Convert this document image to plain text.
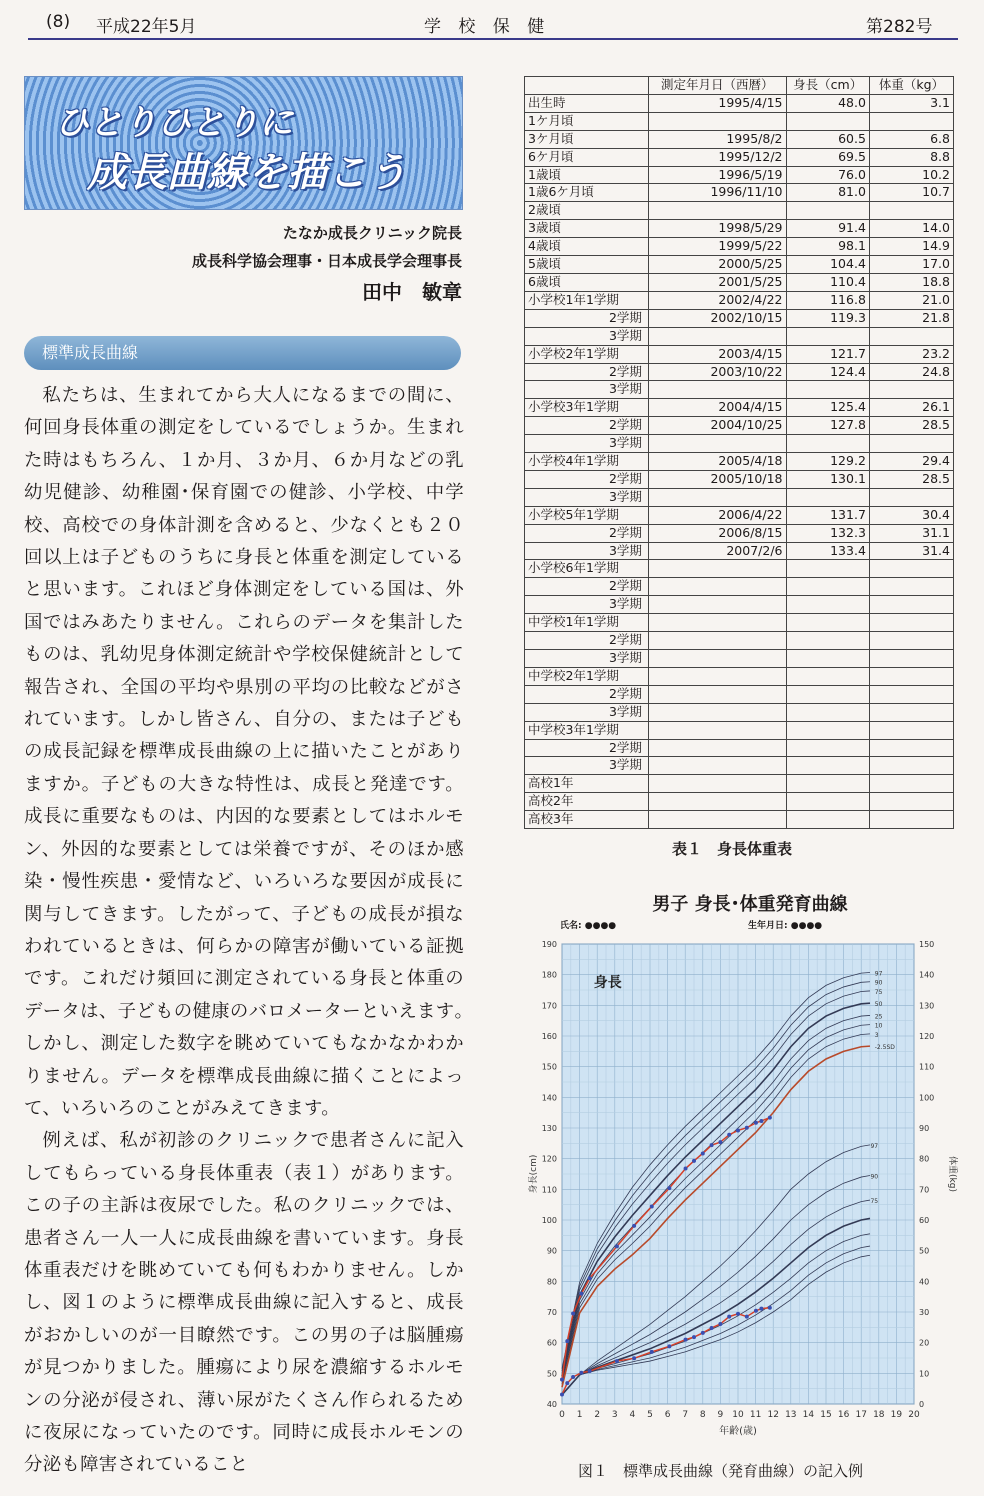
(8) 平成22年5月	学 校 保 健	第282号
ひとりひとりに
成長曲線を描こう
たなか成長クリニック院長
成長科学協会理事・日本成長学会理事長
田中　敏章
標準成長曲線

私たちは、生まれてから大人になるまでの間に、何回身長体重の測定をしているでしょうか。生まれた時はもちろん、１か月、３か月、６か月などの乳幼児健診、幼稚園･保育園での健診、小学校、中学校、高校での身体計測を含めると、少なくとも２０回以上は子どものうちに身長と体重を測定していると思います。これほど身体測定をしている国は、外国ではみあたりません。これらのデータを集計したものは、乳幼児身体測定統計や学校保健統計として報告され、全国の平均や県別の平均の比較などがされています。しかし皆さん、自分の、または子どもの成長記録を標準成長曲線の上に描いたことがありますか。子どもの大きな特性は、成長と発達です。成長に重要なものは、内因的な要素としてはホルモン、外因的な要素としては栄養ですが、そのほか感染・慢性疾患・愛情など、いろいろな要因が成長に関与してきます。したがって、子どもの成長が損なわれているときは、何らかの障害が働いている証拠です。これだけ頻回に測定されている身長と体重のデータは、子どもの健康のバロメーターといえます｡しかし、測定した数字を眺めていてもなかなかわかりません。データを標準成長曲線に描くことによって、いろいろのことがみえてきます。

例えば、私が初診のクリニックで患者さんに記入してもらっている身長体重表（表１）があります。この子の主訴は夜尿でした。私のクリニックでは、患者さん一人一人に成長曲線を書いています。身長体重表だけを眺めていても何もわかりません。しかし、図１のように標準成長曲線に記入すると、成長がおかしいのが一目瞭然です。この男の子は脳腫瘍が見つかりました。腫瘍により尿を濃縮するホルモンの分泌が侵され、薄い尿がたくさん作られるために夜尿になっていたのです。同時に成長ホルモンの分泌も障害されていること

	測定年月日（西暦）	身長（cm）	体重（kg）
出生時	1995/4/15	48.0	3.1
1ケ月頃			
3ケ月頃	1995/8/2	60.5	6.8
6ケ月頃	1995/12/2	69.5	8.8
1歳頃	1996/5/19	76.0	10.2
1歳6ケ月頃	1996/11/10	81.0	10.7
2歳頃			
3歳頃	1998/5/29	91.4	14.0
4歳頃	1999/5/22	98.1	14.9
5歳頃	2000/5/25	104.4	17.0
6歳頃	2001/5/25	110.4	18.8
小学校1年1学期	2002/4/22	116.8	21.0
2学期	2002/10/15	119.3	21.8
3学期			
小学校2年1学期	2003/4/15	121.7	23.2
2学期	2003/10/22	124.4	24.8
3学期			
小学校3年1学期	2004/4/15	125.4	26.1
2学期	2004/10/25	127.8	28.5
3学期			
小学校4年1学期	2005/4/18	129.2	29.4
2学期	2005/10/18	130.1	28.5
3学期			
小学校5年1学期	2006/4/22	131.7	30.4
2学期	2006/8/15	132.3	31.1
3学期	2007/2/6	133.4	31.4
小学校6年1学期			
2学期			
3学期			
中学校1年1学期			
2学期			
3学期			
中学校2年1学期			
2学期			
3学期			
中学校3年1学期			
2学期			
3学期			
高校1年			
高校2年			
高校3年			
表１　身長体重表
男子 身長･体重発育曲線
氏名: ●●●●	生年月日: ●●●●
0 1 2 3 4 5 6 7 8 9 10 11 12 13 14 15 16 17 18 19 20
40
50
60
70
80
90
100
110
120
130
140
150
160
170
180
190
0
10
20
30
40
50
60
70
80
90
100
110
120
130
140
150
年齢(歳)
身長(cm)	体重(kg)
身長
97
90
75
50
25
10
3
-2.5SD
97
90
75
図１　標準成長曲線（発育曲線）の記入例
